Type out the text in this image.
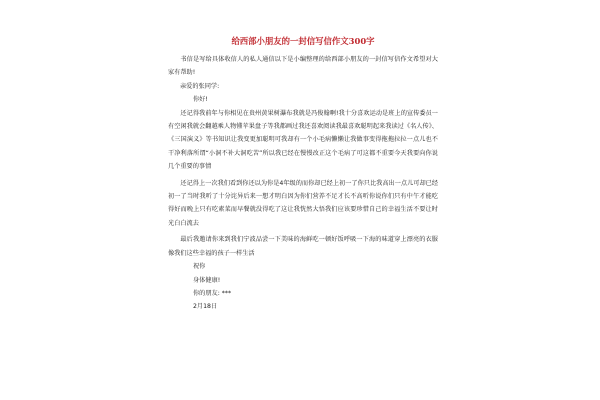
给西部小朋友的一封信写信作文300字

书信是写给具体收信人的私人通信以下是小编整理的给西部小朋友的一封信写信作文希望对大家有帮助!

亲爱的张同学:
你好!

还记得我前年与你相见在贵州黄果树瀑布我就是冯俊翰啊!我十分喜欢运动是班上的宣传委员一有空闲我就会翻越乘人物懂苹果盘子等我都画过我还喜欢阅读我最喜欢聪明起来我读过《名人传》、《三国演义》等书知识让我变更加聪明可我却有一个小毛病懒懒让我做事变得拖拖拉拉一点儿也不干净利落所谓“小洞不补大洞吃苦”所以我已经在慢慢改正这个毛病了可这都不重要今天我要向你说几个重要的事情

还记得上一次我们看到你还以为你是4年级的而你却已经上初一了你只比我高出一点儿可却已经初一了当时我听了十分诧异后来一想才明白因为你们营养不足才长不高听你说你们只有中午才能吃得好而晚上只有吃素菜而早餐就没得吃了这让我恍然大悟我们应该要珍惜自己的幸福生活不要让时光白白流去

最后我邀请你来到我们宁波品尝一下美味的海鲜吃一顿好饭呼吸一下海的味道穿上漂亮的衣服像我们这些幸福的孩子一样生活

祝你
身体健康!
你的朋友: ***
2月18日
